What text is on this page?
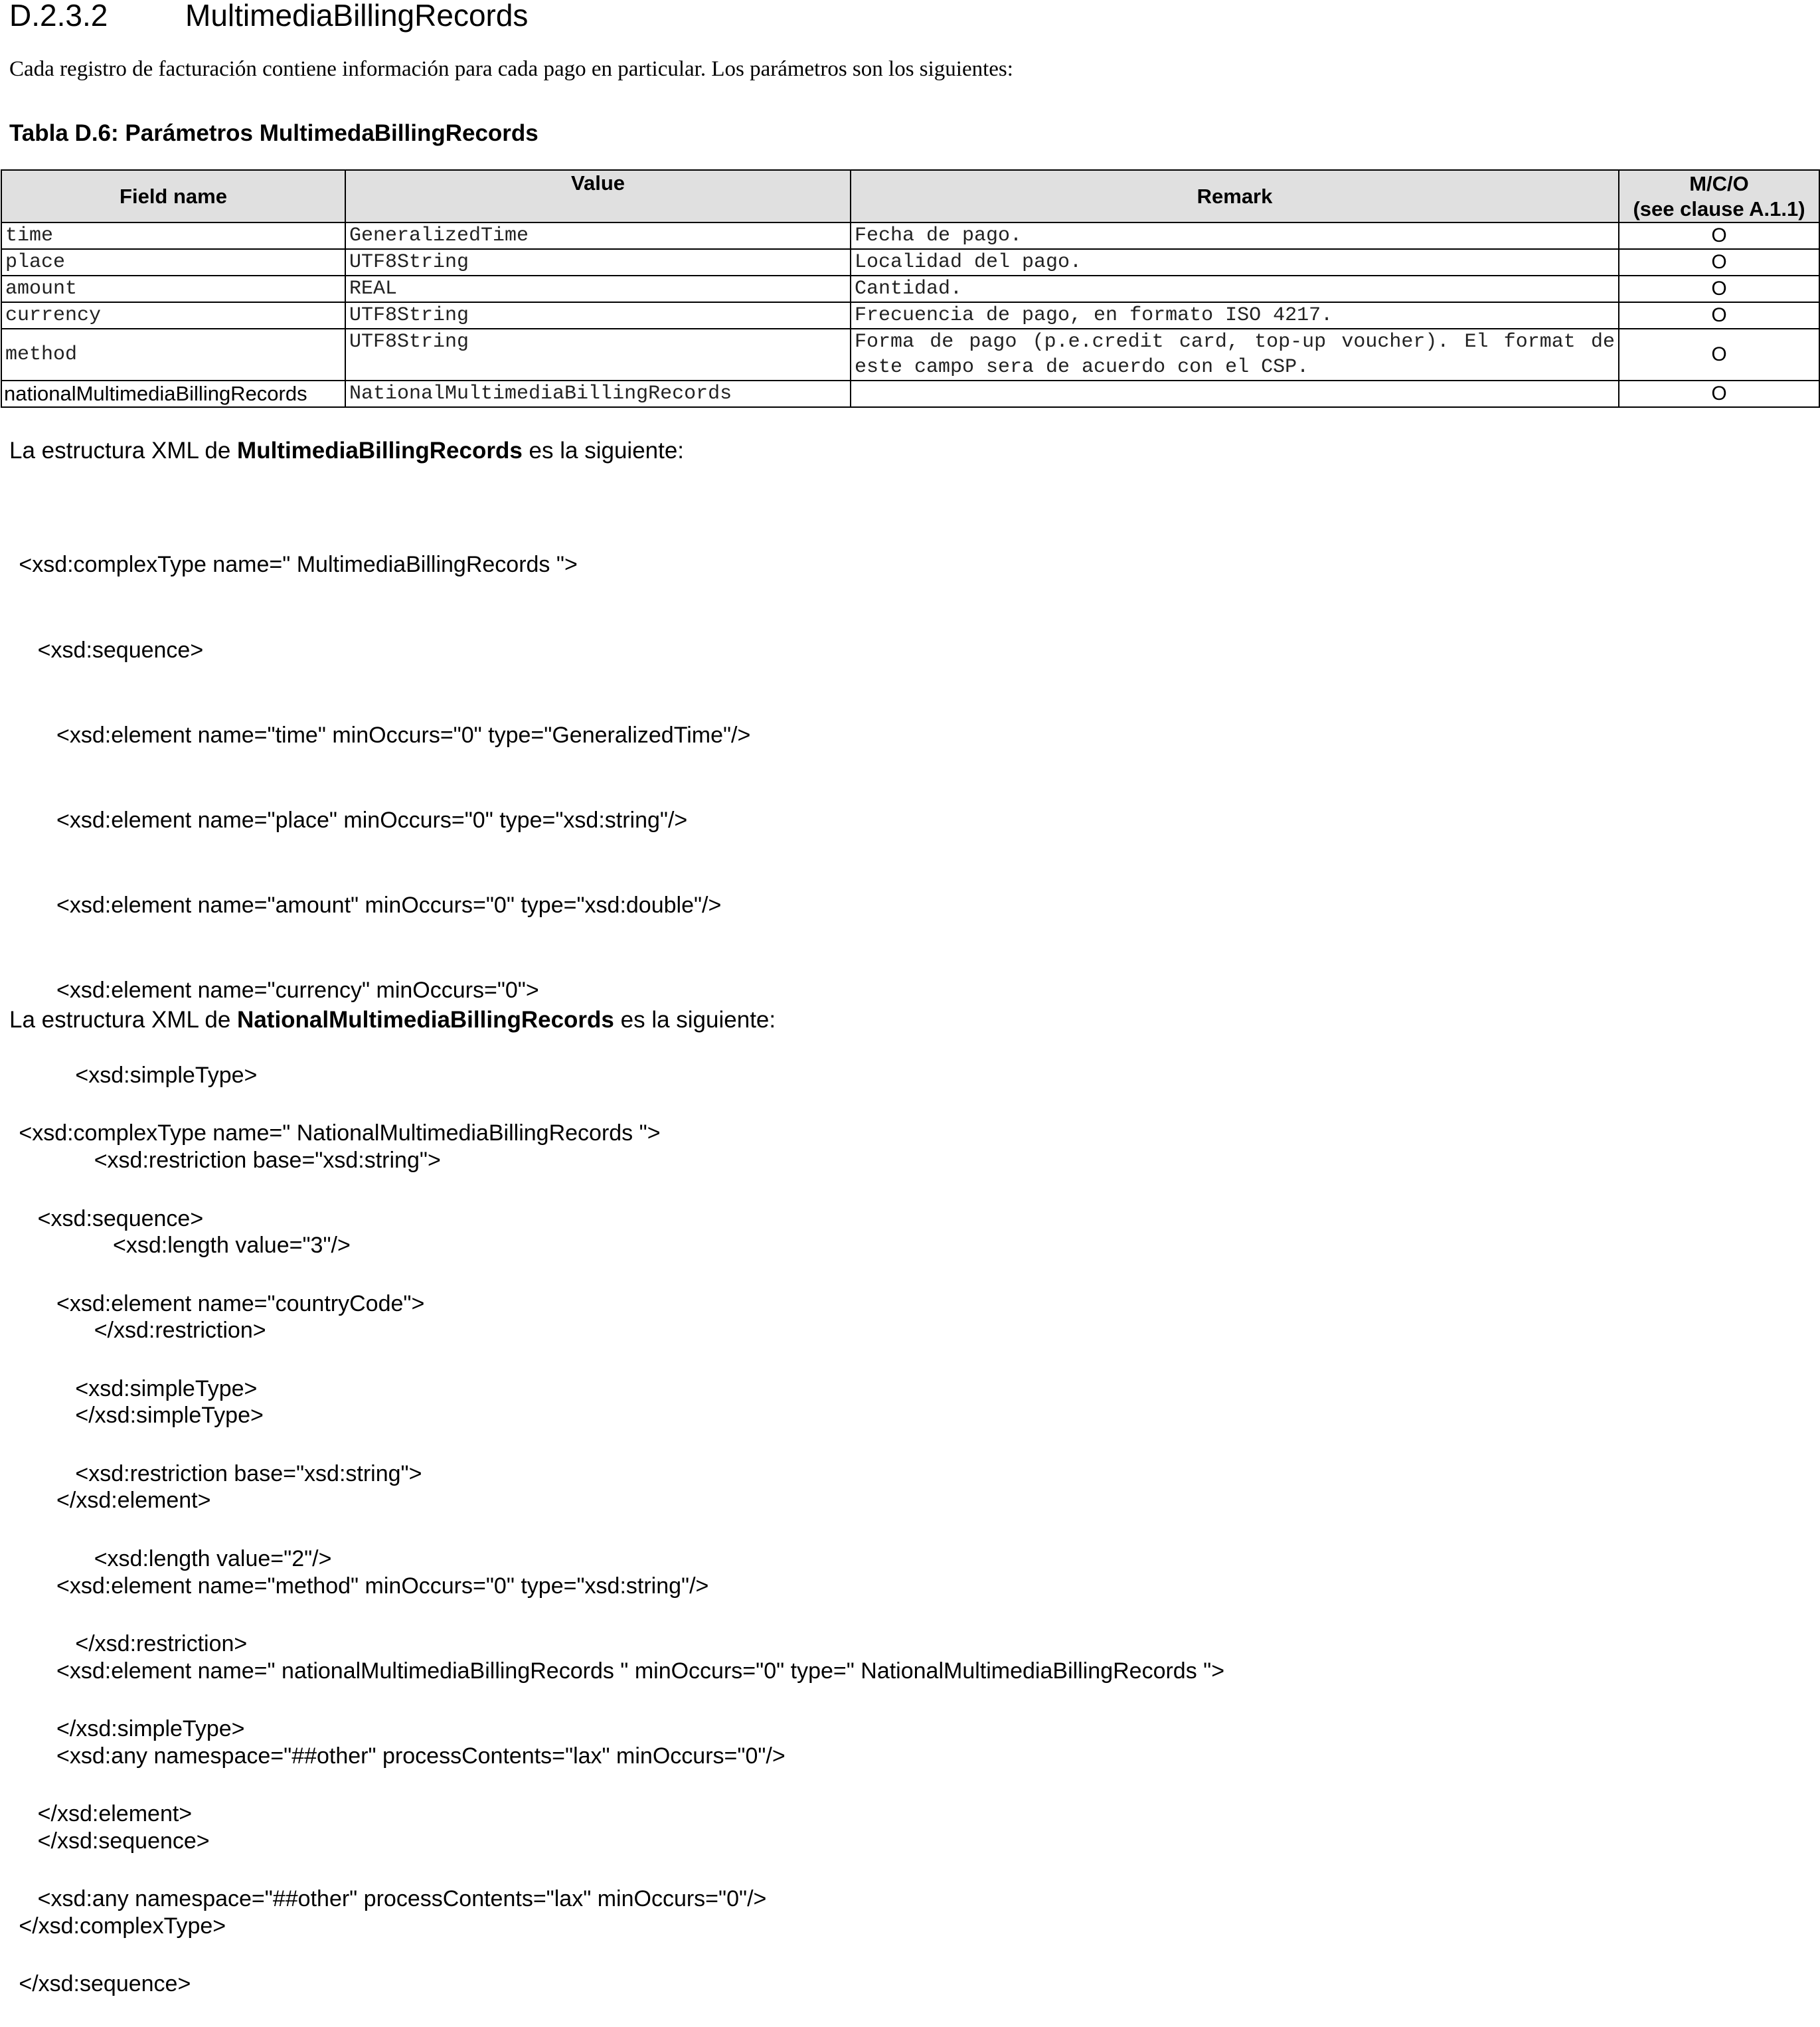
D.2.3.2	MultimediaBillingRecords

Cada registro de facturación contiene información para cada pago en particular. Los parámetros son los siguientes:

Tabla D.6: Parámetros MultimedaBillingRecords

Field name	Value	Remark	M/C/O
(see clause A.1.1)
time	GeneralizedTime	Fecha de pago.	O
place	UTF8String	Localidad del pago.	O
amount	REAL	Cantidad.	O
currency	UTF8String	Frecuencia de pago, en formato ISO 4217.	O
method	UTF8String	Forma de pago (p.e.credit card, top-up voucher). El format de este campo sera de acuerdo con el CSP.	O
nationalMultimediaBillingRecords	NationalMultimediaBillingRecords		O

La estructura XML de MultimediaBillingRecords es la siguiente:

<xsd:complexType name=" MultimediaBillingRecords ">

<xsd:sequence>

<xsd:element name="time" minOccurs="0" type="GeneralizedTime"/>

<xsd:element name="place" minOccurs="0" type="xsd:string"/>

<xsd:element name="amount" minOccurs="0" type="xsd:double"/>

<xsd:element name="currency" minOccurs="0">

<xsd:simpleType>

<xsd:restriction base="xsd:string">

<xsd:length value="3"/>

</xsd:restriction>

</xsd:simpleType>

</xsd:element>

<xsd:element name="method" minOccurs="0" type="xsd:string"/>

<xsd:element name=" nationalMultimediaBillingRecords " minOccurs="0" type=" NationalMultimediaBillingRecords ">

<xsd:any namespace="##other" processContents="lax" minOccurs="0"/>

</xsd:sequence>

</xsd:complexType>

La estructura XML de NationalMultimediaBillingRecords es la siguiente:

<xsd:complexType name=" NationalMultimediaBillingRecords ">

<xsd:sequence>

<xsd:element name="countryCode">

<xsd:simpleType>

<xsd:restriction base="xsd:string">

<xsd:length value="2"/>

</xsd:restriction>

</xsd:simpleType>

</xsd:element>

<xsd:any namespace="##other" processContents="lax" minOccurs="0"/>

</xsd:sequence>
